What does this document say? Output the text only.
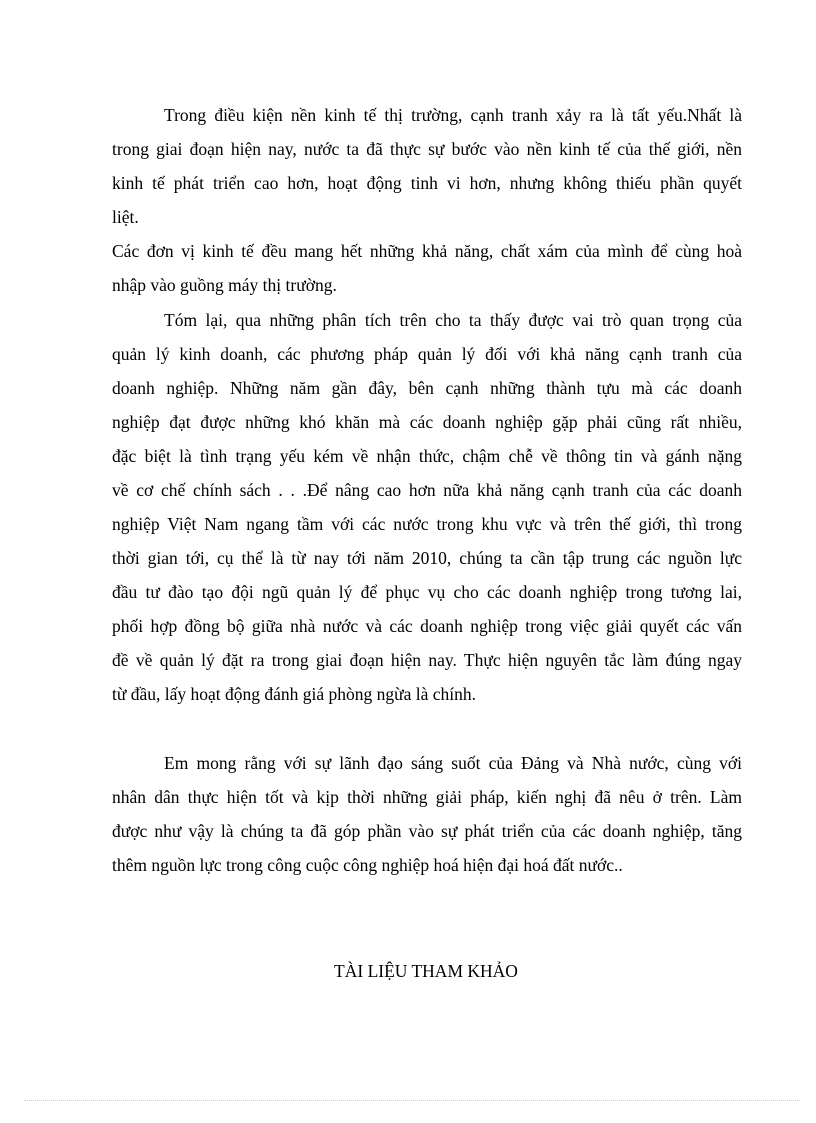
Trong điều kiện nền kinh tế thị trường, cạnh tranh xảy ra là tất yếu.Nhất là
trong giai đoạn hiện nay, nước ta đã thực sự bước vào nền kinh tế của thế giới, nền
kinh tế phát triển cao hơn, hoạt động tinh vi hơn, nhưng không thiếu phần quyết
liệt.
Các đơn vị kinh tế đều mang hết những khả năng, chất xám của mình để cùng hoà
nhập vào guồng máy thị trường.
Tóm lại, qua những phân tích trên cho ta thấy được vai trò quan trọng của
quản lý kinh doanh, các phương pháp quản lý đối với khả năng cạnh tranh của
doanh nghiệp. Những năm gần đây, bên cạnh những thành tựu mà các doanh
nghiệp đạt được những khó khăn mà các doanh nghiệp gặp phải cũng rất nhiều,
đặc biệt là tình trạng yếu kém về nhận thức, chậm chễ về thông tin và gánh nặng
về cơ chế chính sách . . .Để nâng cao hơn nữa khả năng cạnh tranh của các doanh
nghiệp Việt Nam ngang tầm với các nước trong khu vực và trên thế giới, thì trong
thời gian tới, cụ thể là từ nay tới năm 2010, chúng ta cần tập trung các nguồn lực
đầu tư đào tạo đội ngũ quản lý để phục vụ cho các doanh nghiệp trong tương lai,
phối hợp đồng bộ giữa nhà nước và các doanh nghiệp trong việc giải quyết các vấn
đề về quản lý đặt ra trong giai đoạn hiện nay. Thực hiện nguyên tắc làm đúng ngay
từ đầu, lấy hoạt động đánh giá phòng ngừa là chính.
Em mong rằng với sự lãnh đạo sáng suốt của Đảng và Nhà nước, cùng với
nhân dân thực hiện tốt và kịp thời những giải pháp, kiến nghị đã nêu ở trên. Làm
được như vậy là chúng ta đã góp phần vào sự phát triển của các doanh nghiệp, tăng
thêm nguồn lực trong công cuộc công nghiệp hoá hiện đại hoá đất nước..
TÀI LIỆU THAM KHẢO
